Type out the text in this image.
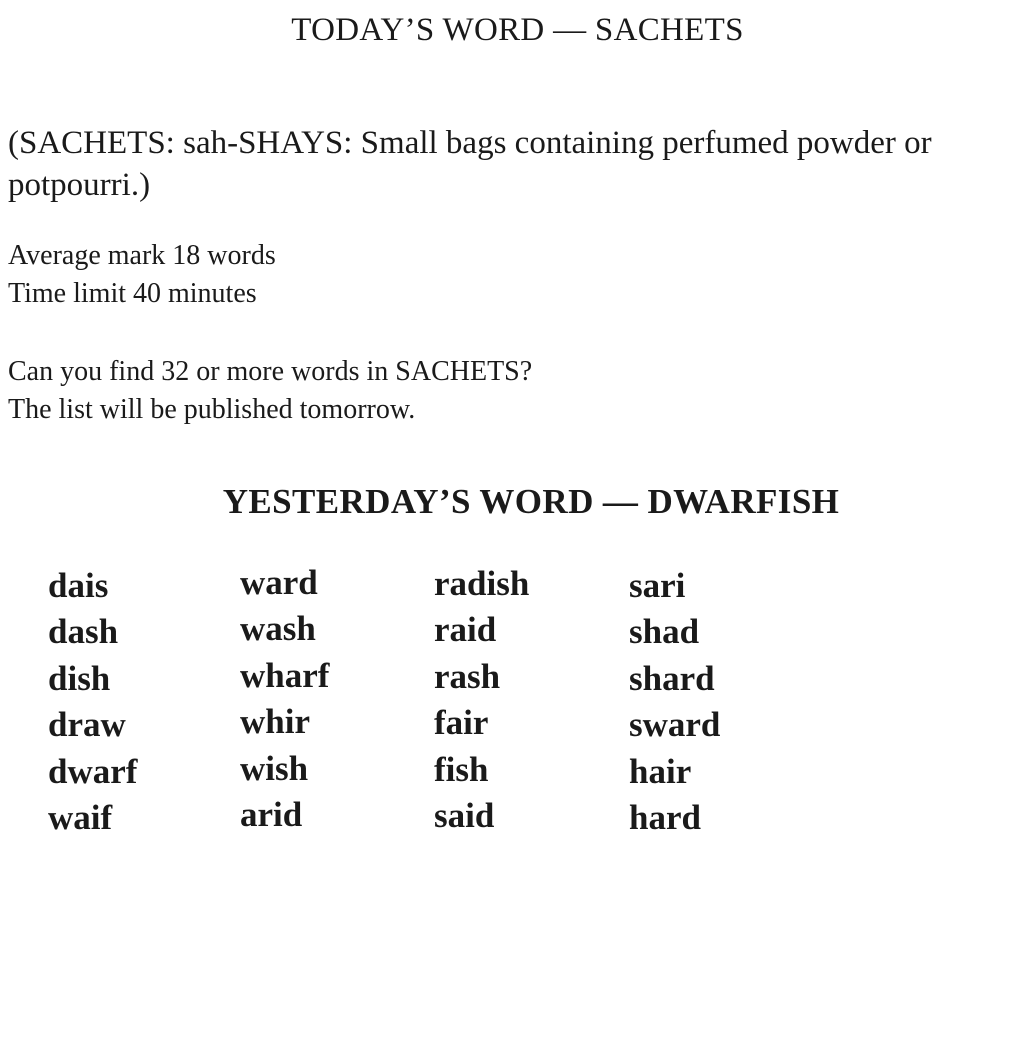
TODAY’S WORD — SACHETS

(SACHETS: sah-SHAYS: Small bags containing perfumed powder or potpourri.)

Average mark 18 words
Time limit 40 minutes
Can you find 32 or more words in SACHETS?
The list will be published tomorrow.
YESTERDAY’S WORD — DWARFISH
dais
dash
dish
draw
dwarf
waif
ward
wash
wharf
whir
wish
arid
radish
raid
rash
fair
fish
said
sari
shad
shard
sward
hair
hard
